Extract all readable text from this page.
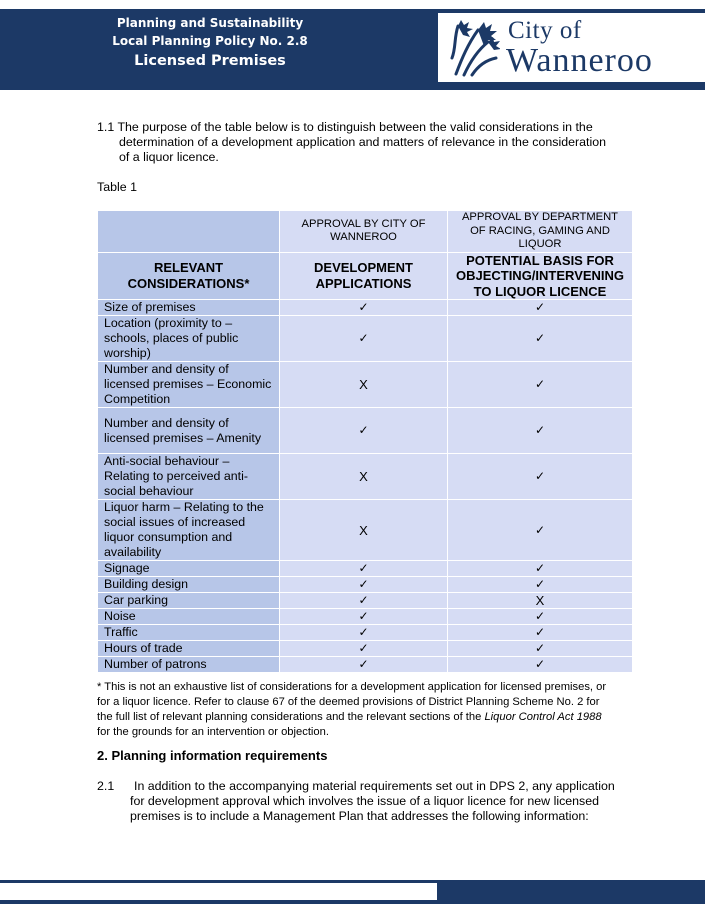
Planning and Sustainability
Local Planning Policy No. 2.8
Licensed Premises
City of
Wanneroo
1.1 The purpose of the table below is to distinguish between the valid considerations in the determination of a development application and matters of relevance in the consideration of a liquor licence.
Table 1
	APPROVAL BY CITY OF WANNEROO	APPROVAL BY DEPARTMENT OF RACING, GAMING AND LIQUOR
RELEVANT CONSIDERATIONS*	DEVELOPMENT APPLICATIONS	POTENTIAL BASIS FOR OBJECTING/INTERVENING TO LIQUOR LICENCE
Size of premises	✓	✓
Location (proximity to – schools, places of public worship)	✓	✓
Number and density of licensed premises – Economic Competition	X	✓
Number and density of licensed premises – Amenity	✓	✓
Anti-social behaviour – Relating to perceived anti-social behaviour	X	✓
Liquor harm – Relating to the social issues of increased liquor consumption and availability	X	✓
Signage	✓	✓
Building design	✓	✓
Car parking	✓	X
Noise	✓	✓
Traffic	✓	✓
Hours of trade	✓	✓
Number of patrons	✓	✓
* This is not an exhaustive list of considerations for a development application for licensed premises, or for a liquor licence. Refer to clause 67 of the deemed provisions of District Planning Scheme No. 2 for the full list of relevant planning considerations and the relevant sections of the Liquor Control Act 1988 for the grounds for an intervention or objection.
2. Planning information requirements
2.1	In addition to the accompanying material requirements set out in DPS 2, any application for development approval which involves the issue of a liquor licence for new licensed premises is to include a Management Plan that addresses the following information:
